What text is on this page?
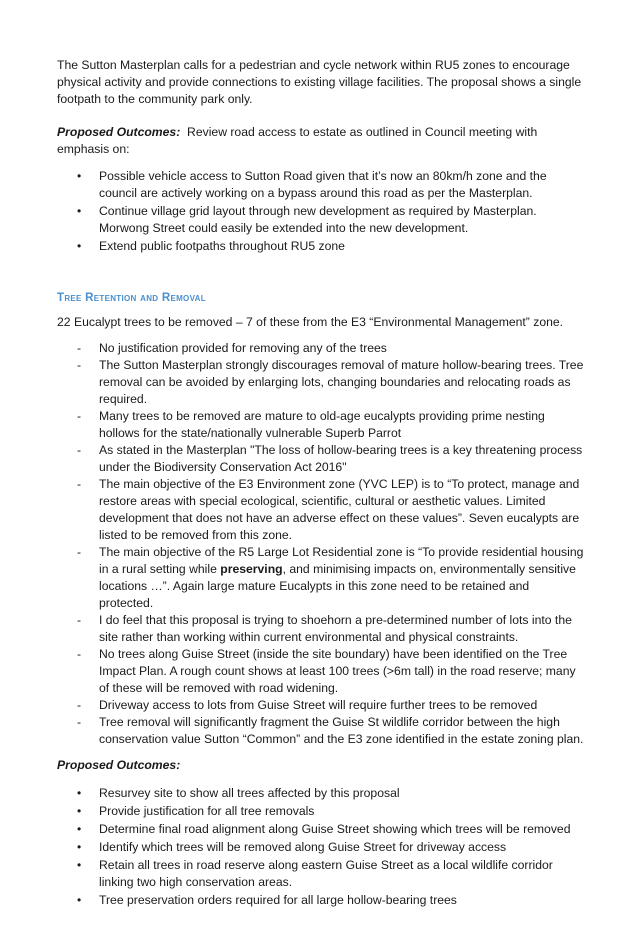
The Sutton Masterplan calls for a pedestrian and cycle network within RU5 zones to encourage physical activity and provide connections to existing village facilities. The proposal shows a single footpath to the community park only.

Proposed Outcomes: Review road access to estate as outlined in Council meeting with emphasis on:

• Possible vehicle access to Sutton Road given that it’s now an 80km/h zone and the council are actively working on a bypass around this road as per the Masterplan.
• Continue village grid layout through new development as required by Masterplan. Morwong Street could easily be extended into the new development.
• Extend public footpaths throughout RU5 zone
Tree Retention and Removal

22 Eucalypt trees to be removed – 7 of these from the E3 “Environmental Management” zone.

- No justification provided for removing any of the trees
- The Sutton Masterplan strongly discourages removal of mature hollow-bearing trees. Tree removal can be avoided by enlarging lots, changing boundaries and relocating roads as required.
- Many trees to be removed are mature to old-age eucalypts providing prime nesting hollows for the state/nationally vulnerable Superb Parrot
- As stated in the Masterplan "The loss of hollow-bearing trees is a key threatening process under the Biodiversity Conservation Act 2016"
- The main objective of the E3 Environment zone (YVC LEP) is to “To protect, manage and restore areas with special ecological, scientific, cultural or aesthetic values. Limited development that does not have an adverse effect on these values”. Seven eucalypts are listed to be removed from this zone.
- The main objective of the R5 Large Lot Residential zone is “To provide residential housing in a rural setting while preserving, and minimising impacts on, environmentally sensitive locations …”. Again large mature Eucalypts in this zone need to be retained and protected.
- I do feel that this proposal is trying to shoehorn a pre-determined number of lots into the site rather than working within current environmental and physical constraints.
- No trees along Guise Street (inside the site boundary) have been identified on the Tree Impact Plan. A rough count shows at least 100 trees (>6m tall) in the road reserve; many of these will be removed with road widening.
- Driveway access to lots from Guise Street will require further trees to be removed
- Tree removal will significantly fragment the Guise St wildlife corridor between the high conservation value Sutton “Common” and the E3 zone identified in the estate zoning plan.

Proposed Outcomes:

• Resurvey site to show all trees affected by this proposal
• Provide justification for all tree removals
• Determine final road alignment along Guise Street showing which trees will be removed
• Identify which trees will be removed along Guise Street for driveway access
• Retain all trees in road reserve along eastern Guise Street as a local wildlife corridor linking two high conservation areas.
• Tree preservation orders required for all large hollow-bearing trees
